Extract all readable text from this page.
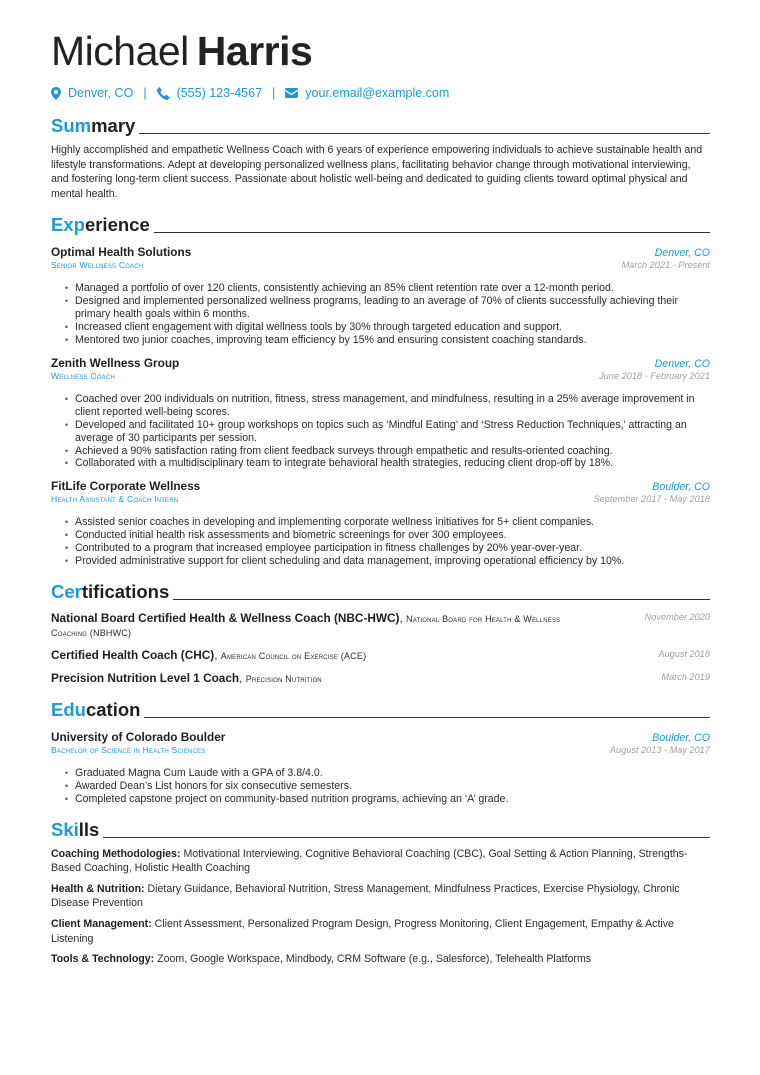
Michael Harris
Denver, CO | (555) 123-4567 | your.email@example.com
Summary

Highly accomplished and empathetic Wellness Coach with 6 years of experience empowering individuals to achieve sustainable health and lifestyle transformations. Adept at developing personalized wellness plans, facilitating behavior change through motivational interviewing, and fostering long-term client success. Passionate about holistic well-being and dedicated to guiding clients toward optimal physical and mental health.

Experience
Optimal Health Solutions	Denver, CO
Senior Wellness Coach	March 2021 - Present
• Managed a portfolio of over 120 clients, consistently achieving an 85% client retention rate over a 12-month period.
• Designed and implemented personalized wellness programs, leading to an average of 70% of clients successfully achieving their primary health goals within 6 months.
• Increased client engagement with digital wellness tools by 30% through targeted education and support.
• Mentored two junior coaches, improving team efficiency by 15% and ensuring consistent coaching standards.
Zenith Wellness Group	Denver, CO
Wellness Coach	June 2018 - February 2021
• Coached over 200 individuals on nutrition, fitness, stress management, and mindfulness, resulting in a 25% average improvement in client reported well-being scores.
• Developed and facilitated 10+ group workshops on topics such as ‘Mindful Eating’ and ‘Stress Reduction Techniques,’ attracting an average of 30 participants per session.
• Achieved a 90% satisfaction rating from client feedback surveys through empathetic and results-oriented coaching.
• Collaborated with a multidisciplinary team to integrate behavioral health strategies, reducing client drop-off by 18%.
FitLife Corporate Wellness	Boulder, CO
Health Assistant & Coach Intern	September 2017 - May 2018
• Assisted senior coaches in developing and implementing corporate wellness initiatives for 5+ client companies.
• Conducted initial health risk assessments and biometric screenings for over 300 employees.
• Contributed to a program that increased employee participation in fitness challenges by 20% year-over-year.
• Provided administrative support for client scheduling and data management, improving operational efficiency by 10%.
Certifications
National Board Certified Health & Wellness Coach (NBC-HWC), National Board for Health & Wellness Coaching (NBHWC)
November 2020
Certified Health Coach (CHC), American Council on Exercise (ACE)	August 2018
Precision Nutrition Level 1 Coach, Precision Nutrition	March 2019
Education
University of Colorado Boulder	Boulder, CO
Bachelor of Science in Health Sciences	August 2013 - May 2017
• Graduated Magna Cum Laude with a GPA of 3.8/4.0.
• Awarded Dean’s List honors for six consecutive semesters.
• Completed capstone project on community-based nutrition programs, achieving an ‘A’ grade.
Skills

Coaching Methodologies: Motivational Interviewing, Cognitive Behavioral Coaching (CBC), Goal Setting & Action Planning, Strengths-Based Coaching, Holistic Health Coaching

Health & Nutrition: Dietary Guidance, Behavioral Nutrition, Stress Management, Mindfulness Practices, Exercise Physiology, Chronic Disease Prevention

Client Management: Client Assessment, Personalized Program Design, Progress Monitoring, Client Engagement, Empathy & Active Listening

Tools & Technology: Zoom, Google Workspace, Mindbody, CRM Software (e.g., Salesforce), Telehealth Platforms
